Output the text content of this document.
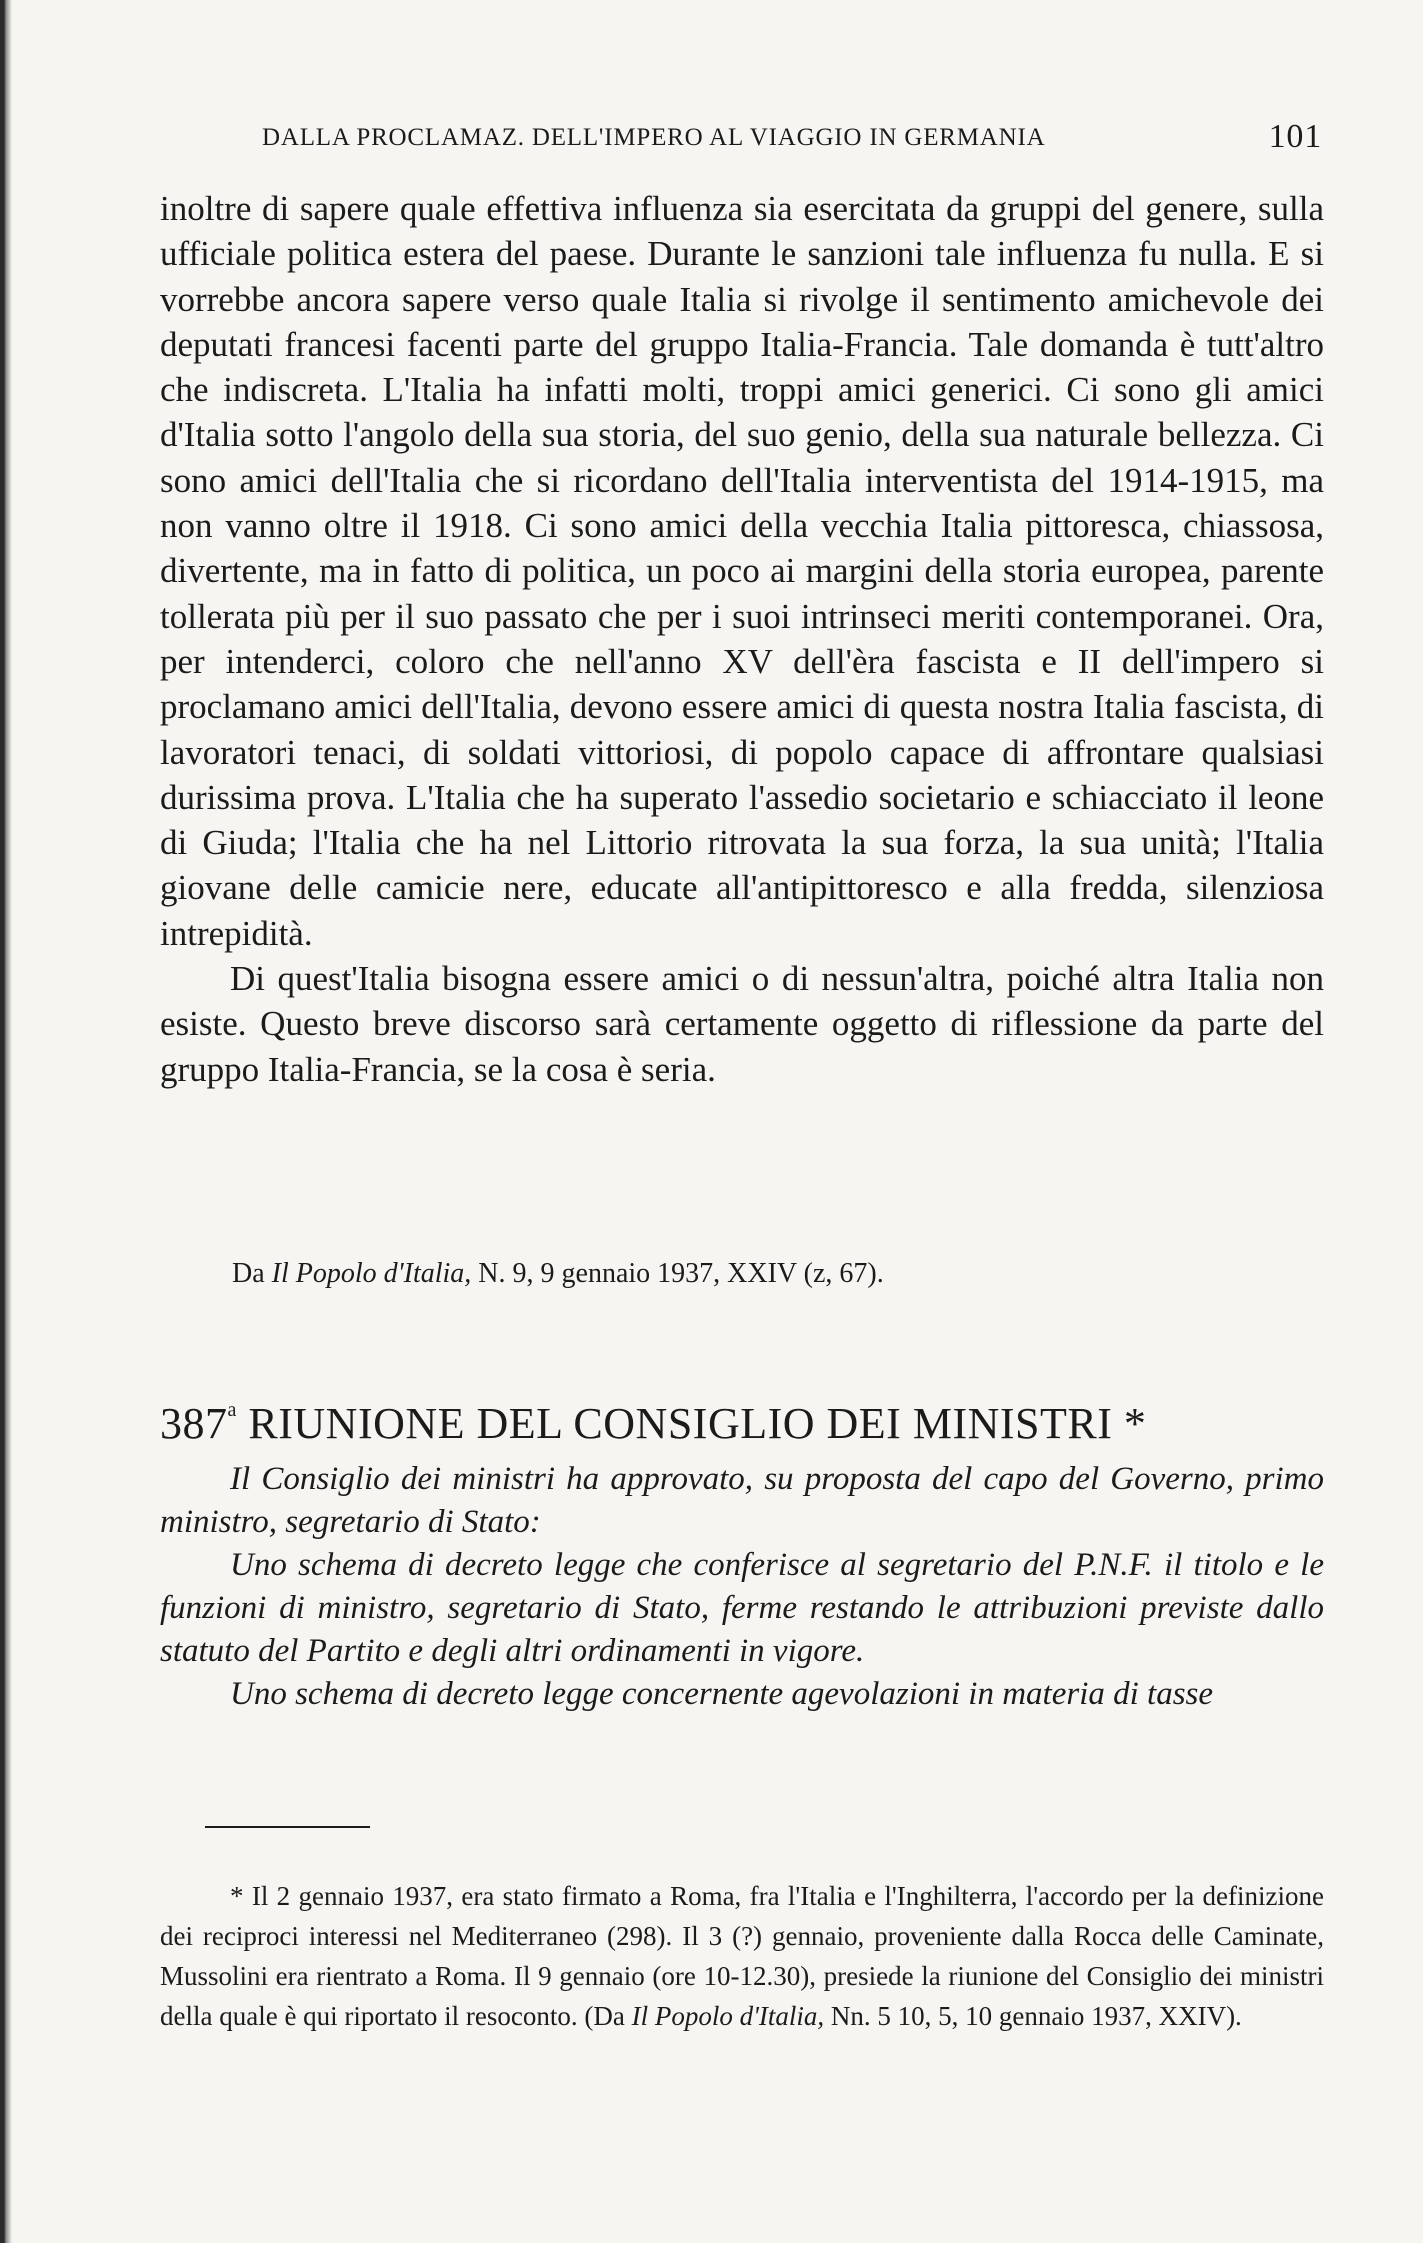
DALLA PROCLAMAZ. DELL'IMPERO AL VIAGGIO IN GERMANIA	101

inoltre di sapere quale effettiva influenza sia esercitata da gruppi del genere, sulla ufficiale politica estera del paese. Durante le sanzioni tale influenza fu nulla. E si vorrebbe ancora sapere verso quale Italia si rivolge il sentimento amichevole dei deputati francesi facenti parte del gruppo Italia-Francia. Tale domanda è tutt'altro che indiscreta. L'Italia ha infatti molti, troppi amici generici. Ci sono gli amici d'Italia sotto l'angolo della sua storia, del suo genio, della sua naturale bellezza. Ci sono amici dell'Italia che si ricordano dell'Italia interventista del 1914-1915, ma non vanno oltre il 1918. Ci sono amici della vecchia Italia pittoresca, chiassosa, divertente, ma in fatto di politica, un poco ai margini della storia europea, parente tollerata più per il suo passato che per i suoi intrinseci meriti contemporanei. Ora, per intenderci, coloro che nell'anno XV dell'èra fascista e II dell'impero si proclamano amici dell'Italia, devono essere amici di questa nostra Italia fascista, di lavoratori tenaci, di soldati vittoriosi, di popolo capace di affrontare qualsiasi durissima prova. L'Italia che ha superato l'assedio societario e schiacciato il leone di Giuda; l'Italia che ha nel Littorio ritrovata la sua forza, la sua unità; l'Italia giovane delle camicie nere, educate all'antipittoresco e alla fredda, silenziosa intrepidità.

Di quest'Italia bisogna essere amici o di nessun'altra, poiché altra Italia non esiste. Questo breve discorso sarà certamente oggetto di riflessione da parte del gruppo Italia-Francia, se la cosa è seria.

Da Il Popolo d'Italia, N. 9, 9 gennaio 1937, XXIV (z, 67).
387$^a$ RIUNIONE DEL CONSIGLIO DEI MINISTRI *

Il Consiglio dei ministri ha approvato, su proposta del capo del Governo, primo ministro, segretario di Stato:

Uno schema di decreto legge che conferisce al segretario del P.N.F. il titolo e le funzioni di ministro, segretario di Stato, ferme restando le attribuzioni previste dallo statuto del Partito e degli altri ordinamenti in vigore.

Uno schema di decreto legge concernente agevolazioni in materia di tasse

* Il 2 gennaio 1937, era stato firmato a Roma, fra l'Italia e l'Inghilterra, l'accordo per la definizione dei reciproci interessi nel Mediterraneo (298). Il 3 (?) gennaio, proveniente dalla Rocca delle Caminate, Mussolini era rientrato a Roma. Il 9 gennaio (ore 10-12.30), presiede la riunione del Consiglio dei ministri della quale è qui riportato il resoconto. (Da Il Popolo d'Italia, Nn. 5 10, 5, 10 gennaio 1937, XXIV).
